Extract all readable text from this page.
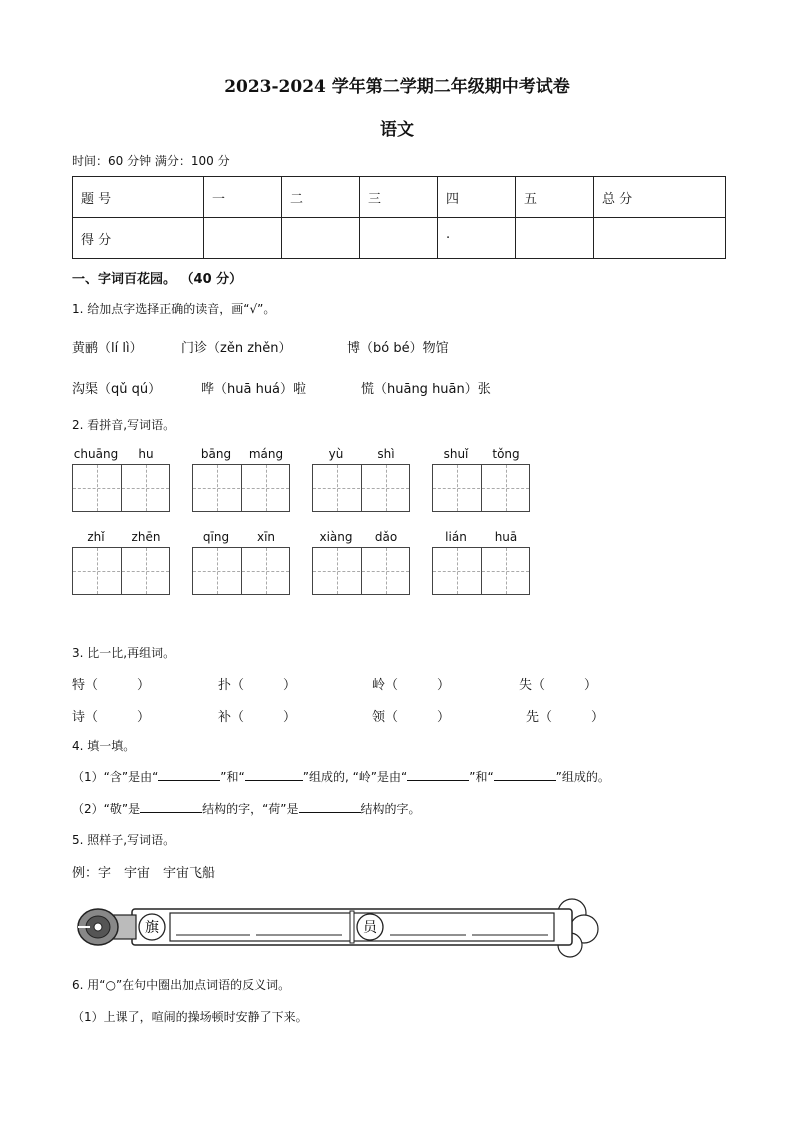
2023-2024 学年第二学期二年级期中考试卷
语文
时间：60 分钟 满分：100 分
题 号	一	二	三	四	五	总 分
得 分				·		
一、字词百花园。 （40 分）
1. 给加点字选择正确的读音，画“√”。
黄鹂（lí lì）	门诊（zěn zhěn）	博（bó bé）物馆
沟渠（qǔ qú）	哗（huā huá）啦	慌（huāng huān）张
2. 看拼音,写词语。
chuāng	hu	bāng	máng	yù	shì	shuǐ	tǒng
zhǐ	zhēn	qīng	xīn	xiàng	dǎo	lián	huā
3. 比一比,再组词。
特（　　　）	扑（　　　）	岭（　　　）	失（　　　）
诗（　　　）	补（　　　）	领（　　　）	先（　　　）
4. 填一填。
（1）“含”是由“	”和“	”组成的, “岭”是由“	”和“	”组成的。
（2）“敬”是	结构的字，“荷”是	结构的字。
5. 照样子,写词语。
例：字　宇宙　宇宙飞船
旗	员
6. 用“○”在句中圈出加点词语的反义词。
（1）上课了，喧闹的操场顿时安静了下来。
